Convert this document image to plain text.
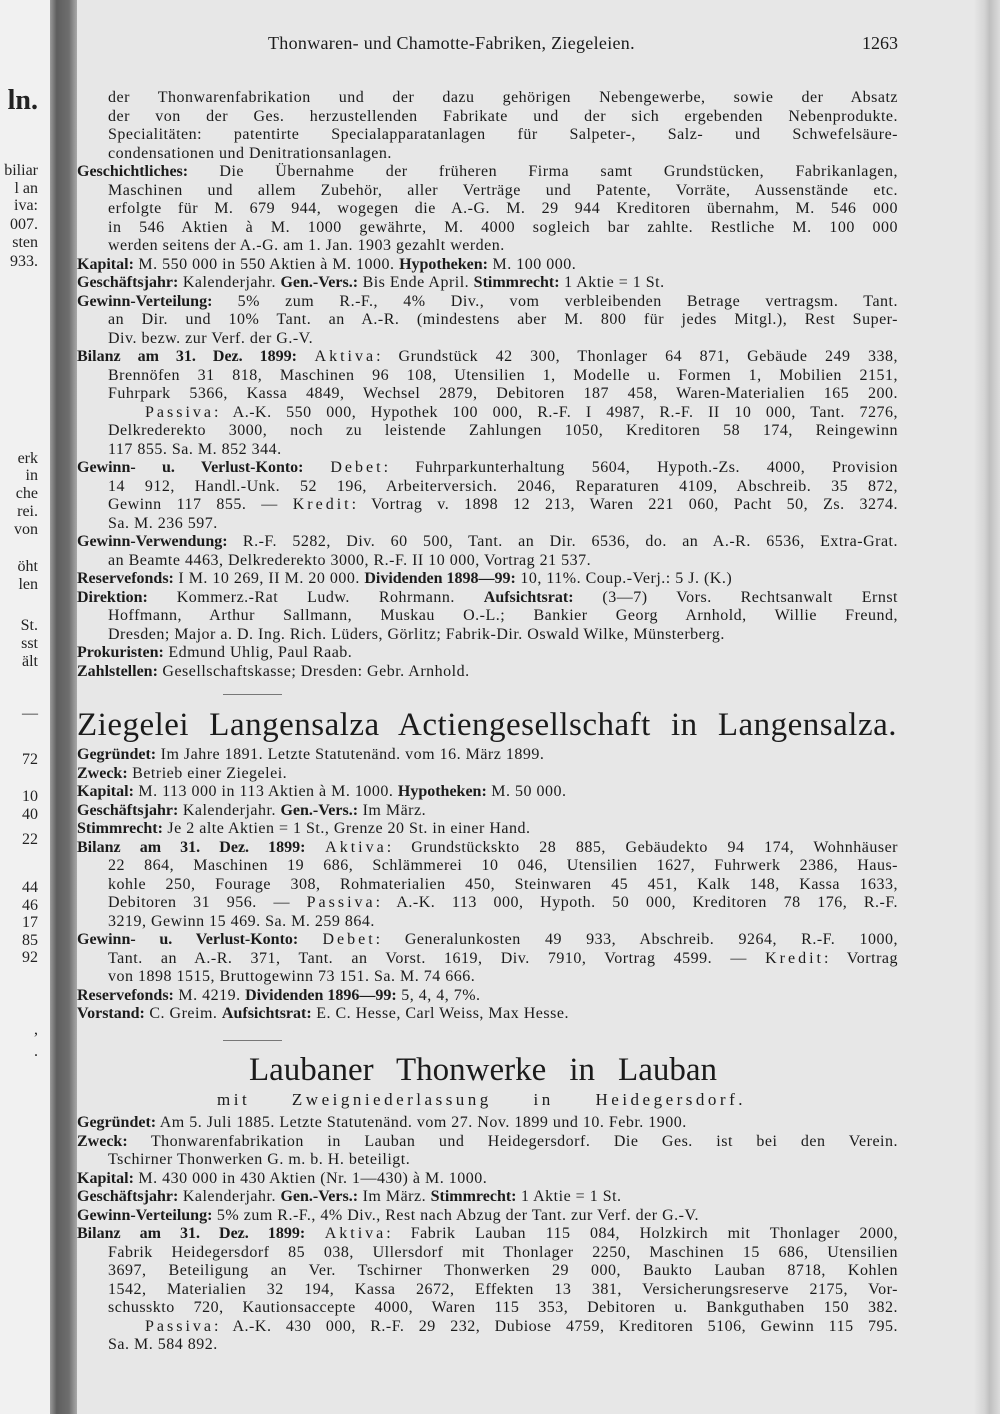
ln.
biliar
l an
iva:
007.
sten
933.
erk
in
che
rei.
von
öht
len
St.
sst
ält
—
72
10
40
22
44
46
17
85
92
,
.
Thonwaren- und Chamotte-Fabriken, Ziegeleien.	1263
der Thonwarenfabrikation und der dazu gehörigen Nebengewerbe, sowie der Absatz
der von der Ges. herzustellenden Fabrikate und der sich ergebenden Nebenprodukte.
Specialitäten: patentirte Specialapparatanlagen für Salpeter-, Salz- und Schwefelsäure-
condensationen und Denitrationsanlagen.
Geschichtliches: Die Übernahme der früheren Firma samt Grundstücken, Fabrikanlagen,
Maschinen und allem Zubehör, aller Verträge und Patente, Vorräte, Aussenstände etc.
erfolgte für M. 679 944, wogegen die A.-G. M. 29 944 Kreditoren übernahm, M. 546 000
in 546 Aktien à M. 1000 gewährte, M. 4000 sogleich bar zahlte. Restliche M. 100 000
werden seitens der A.-G. am 1. Jan. 1903 gezahlt werden.
Kapital: M. 550 000 in 550 Aktien à M. 1000. Hypotheken: M. 100 000.
Geschäftsjahr: Kalenderjahr. Gen.-Vers.: Bis Ende April. Stimmrecht: 1 Aktie = 1 St.
Gewinn-Verteilung: 5% zum R.-F., 4% Div., vom verbleibenden Betrage vertragsm. Tant.
an Dir. und 10% Tant. an A.-R. (mindestens aber M. 800 für jedes Mitgl.), Rest Super-
Div. bezw. zur Verf. der G.-V.
Bilanz am 31. Dez. 1899: Aktiva: Grundstück 42 300, Thonlager 64 871, Gebäude 249 338,
Brennöfen 31 818, Maschinen 96 108, Utensilien 1, Modelle u. Formen 1, Mobilien 2151,
Fuhrpark 5366, Kassa 4849, Wechsel 2879, Debitoren 187 458, Waren-Materialien 165 200.
Passiva: A.-K. 550 000, Hypothek 100 000, R.-F. I 4987, R.-F. II 10 000, Tant. 7276,
Delkrederekto 3000, noch zu leistende Zahlungen 1050, Kreditoren 58 174, Reingewinn
117 855. Sa. M. 852 344.
Gewinn- u. Verlust-Konto: Debet: Fuhrparkunterhaltung 5604, Hypoth.-Zs. 4000, Provision
14 912, Handl.-Unk. 52 196, Arbeiterversich. 2046, Reparaturen 4109, Abschreib. 35 872,
Gewinn 117 855. — Kredit: Vortrag v. 1898 12 213, Waren 221 060, Pacht 50, Zs. 3274.
Sa. M. 236 597.
Gewinn-Verwendung: R.-F. 5282, Div. 60 500, Tant. an Dir. 6536, do. an A.-R. 6536, Extra-Grat.
an Beamte 4463, Delkrederekto 3000, R.-F. II 10 000, Vortrag 21 537.
Reservefonds: I M. 10 269, II M. 20 000. Dividenden 1898—99: 10, 11%. Coup.-Verj.: 5 J. (K.)
Direktion: Kommerz.-Rat Ludw. Rohrmann. Aufsichtsrat: (3—7) Vors. Rechtsanwalt Ernst
Hoffmann, Arthur Sallmann, Muskau O.-L.; Bankier Georg Arnhold, Willie Freund,
Dresden; Major a. D. Ing. Rich. Lüders, Görlitz; Fabrik-Dir. Oswald Wilke, Münsterberg.
Prokuristen: Edmund Uhlig, Paul Raab.
Zahlstellen: Gesellschaftskasse; Dresden: Gebr. Arnhold.
Ziegelei Langensalza Actiengesellschaft in Langensalza.
Gegründet: Im Jahre 1891. Letzte Statutenänd. vom 16. März 1899.
Zweck: Betrieb einer Ziegelei.
Kapital: M. 113 000 in 113 Aktien à M. 1000. Hypotheken: M. 50 000.
Geschäftsjahr: Kalenderjahr. Gen.-Vers.: Im März.
Stimmrecht: Je 2 alte Aktien = 1 St., Grenze 20 St. in einer Hand.
Bilanz am 31. Dez. 1899: Aktiva: Grundstückskto 28 885, Gebäudekto 94 174, Wohnhäuser
22 864, Maschinen 19 686, Schlämmerei 10 046, Utensilien 1627, Fuhrwerk 2386, Haus-
kohle 250, Fourage 308, Rohmaterialien 450, Steinwaren 45 451, Kalk 148, Kassa 1633,
Debitoren 31 956. — Passiva: A.-K. 113 000, Hypoth. 50 000, Kreditoren 78 176, R.-F.
3219, Gewinn 15 469. Sa. M. 259 864.
Gewinn- u. Verlust-Konto: Debet: Generalunkosten 49 933, Abschreib. 9264, R.-F. 1000,
Tant. an A.-R. 371, Tant. an Vorst. 1619, Div. 7910, Vortrag 4599. — Kredit: Vortrag
von 1898 1515, Bruttogewinn 73 151. Sa. M. 74 666.
Reservefonds: M. 4219. Dividenden 1896—99: 5, 4, 4, 7%.
Vorstand: C. Greim. Aufsichtsrat: E. C. Hesse, Carl Weiss, Max Hesse.
Laubaner Thonwerke in Lauban
mit Zweigniederlassung in Heidegersdorf.
Gegründet: Am 5. Juli 1885. Letzte Statutenänd. vom 27. Nov. 1899 und 10. Febr. 1900.
Zweck: Thonwarenfabrikation in Lauban und Heidegersdorf. Die Ges. ist bei den Verein.
Tschirner Thonwerken G. m. b. H. beteiligt.
Kapital: M. 430 000 in 430 Aktien (Nr. 1—430) à M. 1000.
Geschäftsjahr: Kalenderjahr. Gen.-Vers.: Im März. Stimmrecht: 1 Aktie = 1 St.
Gewinn-Verteilung: 5% zum R.-F., 4% Div., Rest nach Abzug der Tant. zur Verf. der G.-V.
Bilanz am 31. Dez. 1899: Aktiva: Fabrik Lauban 115 084, Holzkirch mit Thonlager 2000,
Fabrik Heidegersdorf 85 038, Ullersdorf mit Thonlager 2250, Maschinen 15 686, Utensilien
3697, Beteiligung an Ver. Tschirner Thonwerken 29 000, Baukto Lauban 8718, Kohlen
1542, Materialien 32 194, Kassa 2672, Effekten 13 381, Versicherungsreserve 2175, Vor-
schusskto 720, Kautionsaccepte 4000, Waren 115 353, Debitoren u. Bankguthaben 150 382.
Passiva: A.-K. 430 000, R.-F. 29 232, Dubiose 4759, Kreditoren 5106, Gewinn 115 795.
Sa. M. 584 892.
